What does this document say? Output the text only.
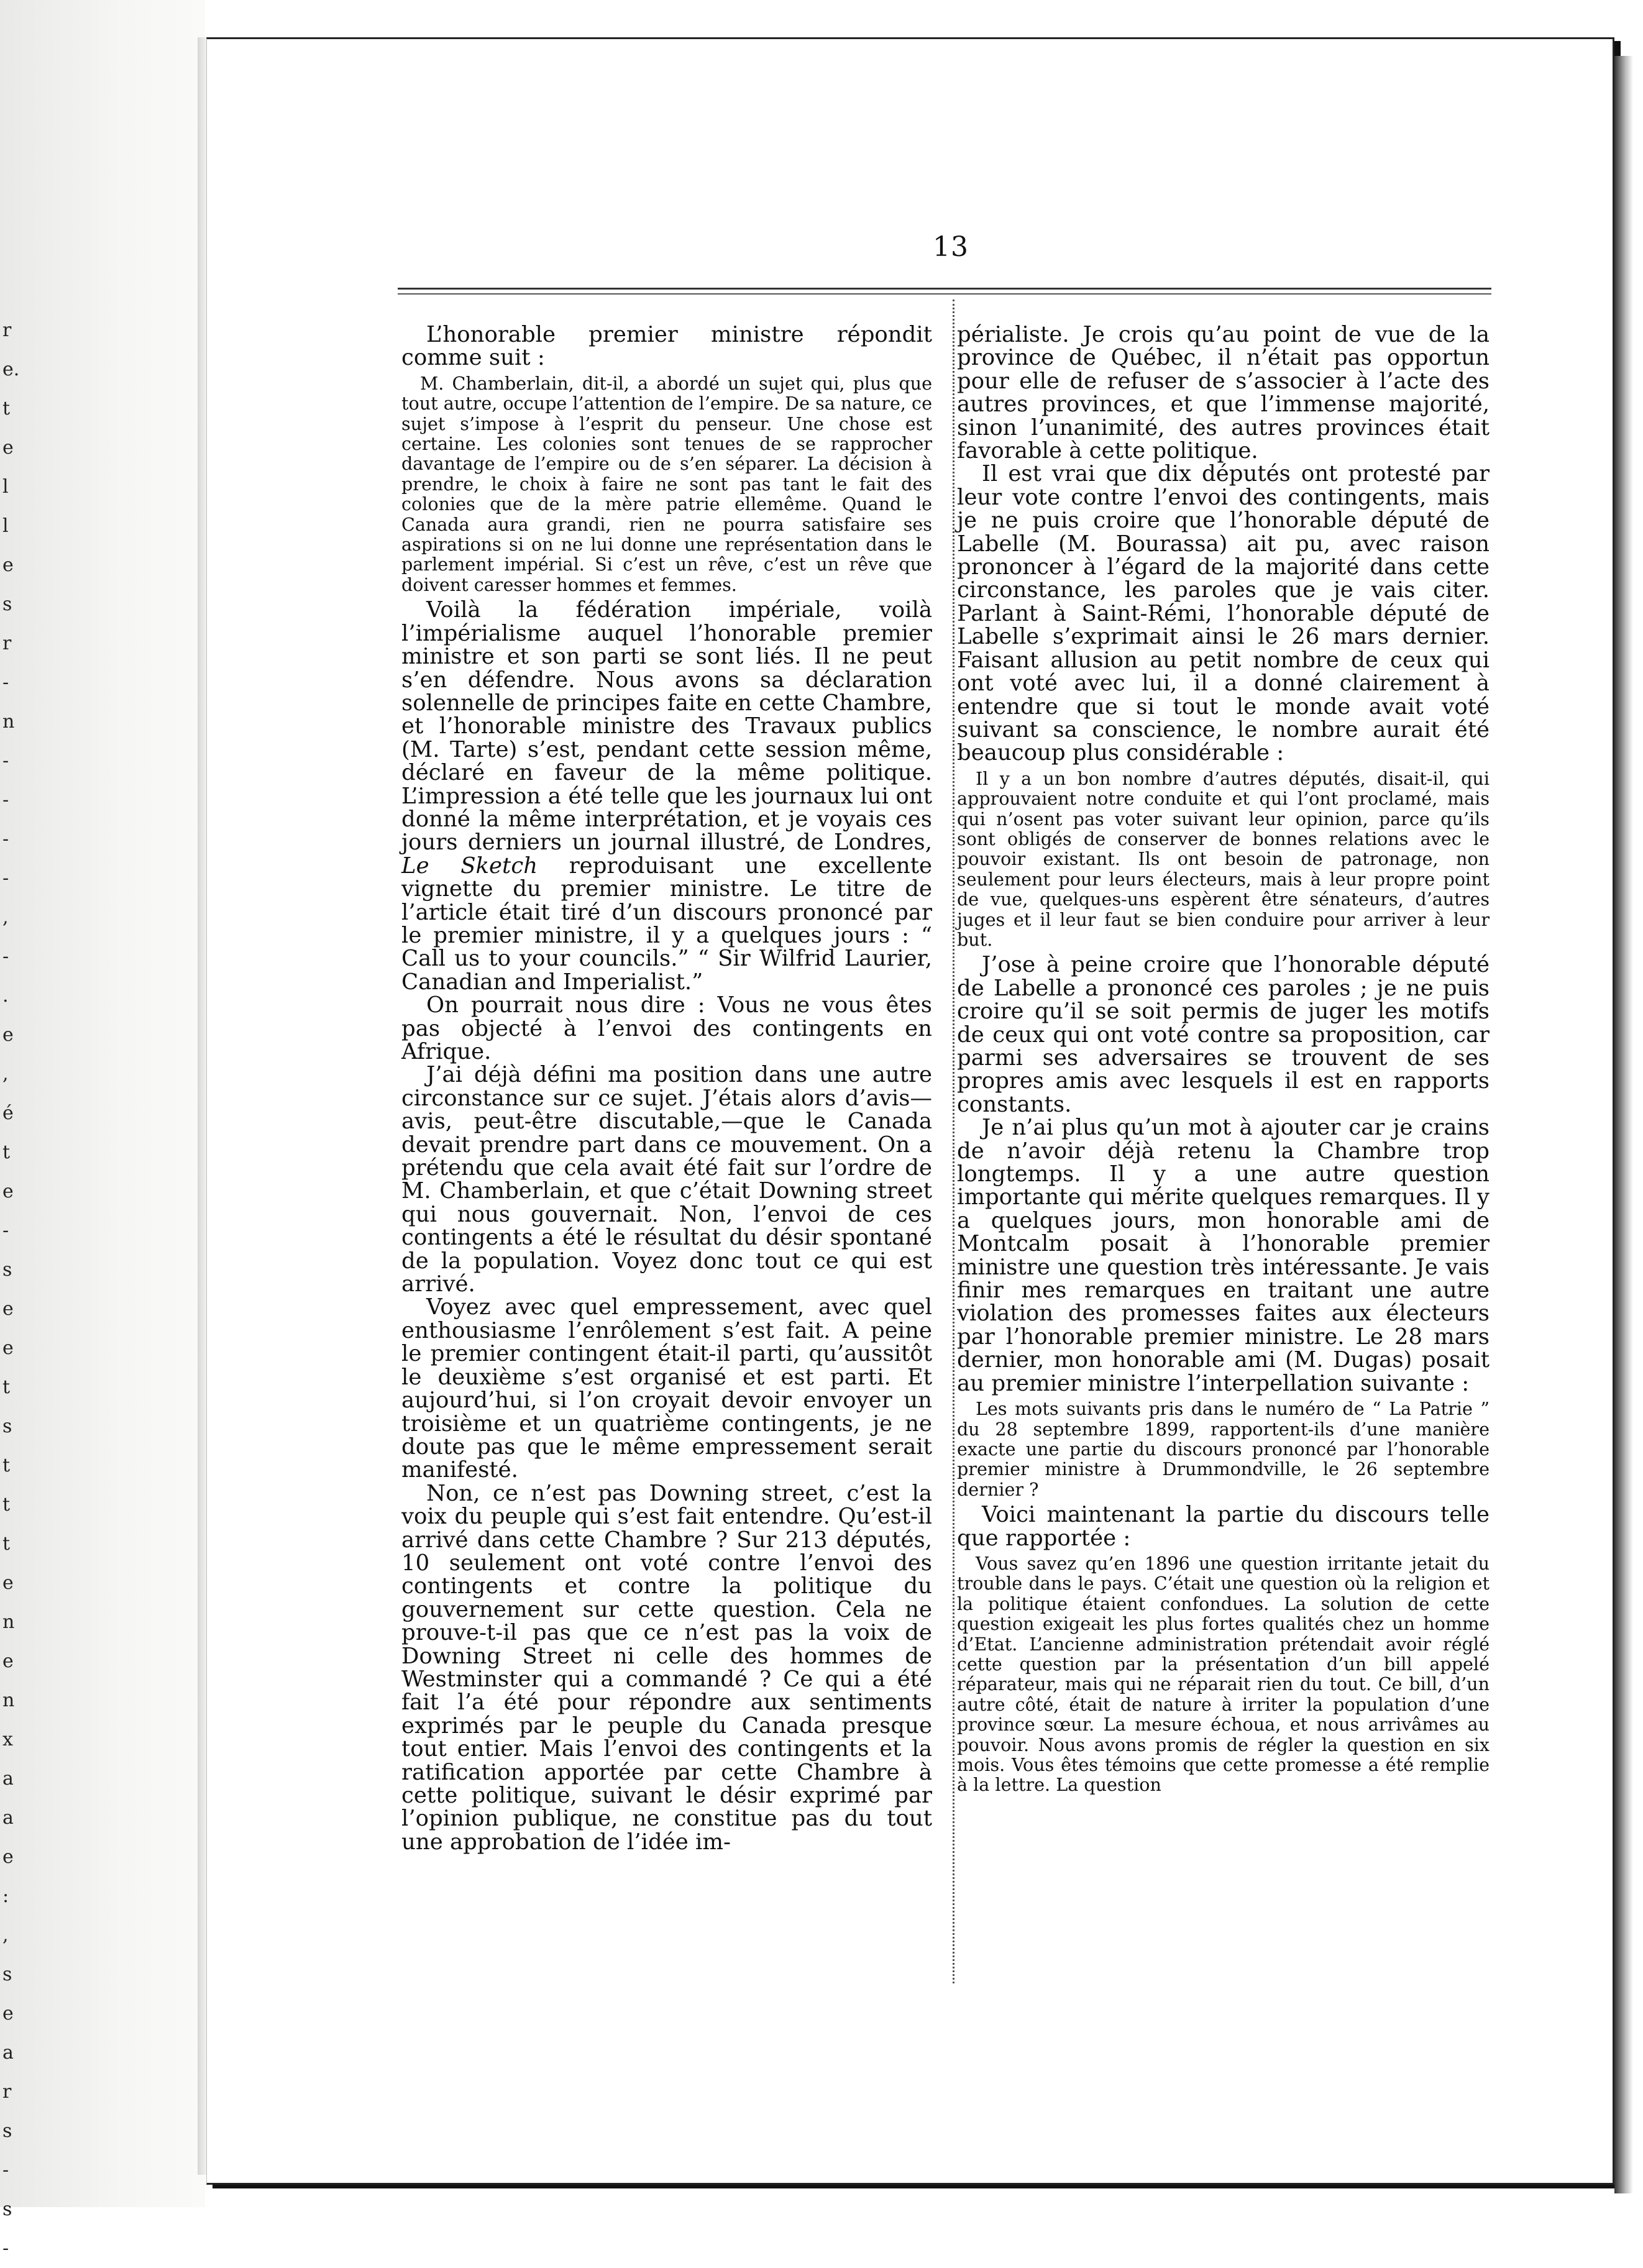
r
e.
t
e
l
l
e
s
r
-
n
-
-
-
-
,
-
.
e
,
é
t
e
-
s
e
e
t
s
t
t
t
e
n
e
n
x
a
a
e
:
,
s
e
a
r
s
-
s
-
13

L’honorable premier ministre répondit comme suit :

M. Chamberlain, dit-il, a abordé un sujet qui, plus que tout autre, occupe l’attention de l’empire. De sa nature, ce sujet s’impose à l’esprit du penseur. Une chose est certaine. Les colonies sont tenues de se rapprocher davantage de l’empire ou de s’en séparer. La décision à prendre, le choix à faire ne sont pas tant le fait des colonies que de la mère patrie ellemême. Quand le Canada aura grandi, rien ne pourra satisfaire ses aspirations si on ne lui donne une représentation dans le parlement impérial. Si c’est un rêve, c’est un rêve que doivent caresser hommes et femmes.

Voilà la fédération impériale, voilà l’impérialisme auquel l’honorable premier ministre et son parti se sont liés. Il ne peut s’en défendre. Nous avons sa déclaration solennelle de principes faite en cette Chambre, et l’honorable ministre des Travaux publics (M. Tarte) s’est, pendant cette session même, déclaré en faveur de la même politique. L’impression a été telle que les journaux lui ont donné la même interprétation, et je voyais ces jours derniers un journal illustré, de Londres, Le Sketch reproduisant une excellente vignette du premier ministre. Le titre de l’article était tiré d’un discours prononcé par le premier ministre, il y a quelques jours : “ Call us to your councils.” “ Sir Wilfrid Laurier, Canadian and Imperialist.”

On pourrait nous dire : Vous ne vous êtes pas objecté à l’envoi des contingents en Afrique.

J’ai déjà défini ma position dans une autre circonstance sur ce sujet. J’étais alors d’avis—avis, peut-être discutable,—que le Canada devait prendre part dans ce mouvement. On a prétendu que cela avait été fait sur l’ordre de M. Chamberlain, et que c’était Downing street qui nous gouvernait. Non, l’envoi de ces contingents a été le résultat du désir spontané de la population. Voyez donc tout ce qui est arrivé.

Voyez avec quel empressement, avec quel enthousiasme l’enrôlement s’est fait. A peine le premier contingent était-il parti, qu’aussitôt le deuxième s’est organisé et est parti. Et aujourd’hui, si l’on croyait devoir envoyer un troisième et un quatrième contingents, je ne doute pas que le même empressement serait manifesté.

Non, ce n’est pas Downing street, c’est la voix du peuple qui s’est fait entendre. Qu’est-il arrivé dans cette Chambre ? Sur 213 députés, 10 seulement ont voté contre l’envoi des contingents et contre la politique du gouvernement sur cette question. Cela ne prouve-t-il pas que ce n’est pas la voix de Downing Street ni celle des hommes de Westminster qui a commandé ? Ce qui a été fait l’a été pour répondre aux sentiments exprimés par le peuple du Canada presque tout entier. Mais l’envoi des contingents et la ratification apportée par cette Chambre à cette politique, suivant le désir exprimé par l’opinion publique, ne constitue pas du tout une approbation de l’idée im-

périaliste. Je crois qu’au point de vue de la province de Québec, il n’était pas opportun pour elle de refuser de s’associer à l’acte des autres provinces, et que l’immense majorité, sinon l’unanimité, des autres provinces était favorable à cette politique.

Il est vrai que dix députés ont protesté par leur vote contre l’envoi des contingents, mais je ne puis croire que l’honorable député de Labelle (M. Bourassa) ait pu, avec raison prononcer à l’égard de la majorité dans cette circonstance, les paroles que je vais citer. Parlant à Saint-Rémi, l’honorable député de Labelle s’exprimait ainsi le 26 mars dernier. Faisant allusion au petit nombre de ceux qui ont voté avec lui, il a donné clairement à entendre que si tout le monde avait voté suivant sa conscience, le nombre aurait été beaucoup plus considérable :

Il y a un bon nombre d’autres députés, disait-il, qui approuvaient notre conduite et qui l’ont proclamé, mais qui n’osent pas voter suivant leur opinion, parce qu’ils sont obligés de conserver de bonnes relations avec le pouvoir existant. Ils ont besoin de patronage, non seulement pour leurs électeurs, mais à leur propre point de vue, quelques-uns espèrent être sénateurs, d’autres juges et il leur faut se bien conduire pour arriver à leur but.

J’ose à peine croire que l’honorable député de Labelle a prononcé ces paroles ; je ne puis croire qu’il se soit permis de juger les motifs de ceux qui ont voté contre sa proposition, car parmi ses adversaires se trouvent de ses propres amis avec lesquels il est en rapports constants.

Je n’ai plus qu’un mot à ajouter car je crains de n’avoir déjà retenu la Chambre trop longtemps. Il y a une autre question importante qui mérite quelques remarques. Il y a quelques jours, mon honorable ami de Montcalm posait à l’honorable premier ministre une question très intéressante. Je vais finir mes remarques en traitant une autre violation des promesses faites aux électeurs par l’honorable premier ministre. Le 28 mars dernier, mon honorable ami (M. Dugas) posait au premier ministre l’interpellation suivante :

Les mots suivants pris dans le numéro de “ La Patrie ” du 28 septembre 1899, rapportent-ils d’une manière exacte une partie du discours prononcé par l’honorable premier ministre à Drummondville, le 26 septembre dernier ?

Voici maintenant la partie du discours telle que rapportée :

Vous savez qu’en 1896 une question irritante jetait du trouble dans le pays. C’était une question où la religion et la politique étaient confondues. La solution de cette question exigeait les plus fortes qualités chez un homme d’Etat. L’ancienne administration prétendait avoir réglé cette question par la présentation d’un bill appelé réparateur, mais qui ne réparait rien du tout. Ce bill, d’un autre côté, était de nature à irriter la population d’une province sœur. La mesure échoua, et nous arrivâmes au pouvoir. Nous avons promis de régler la question en six mois. Vous êtes témoins que cette promesse a été remplie à la lettre. La question
